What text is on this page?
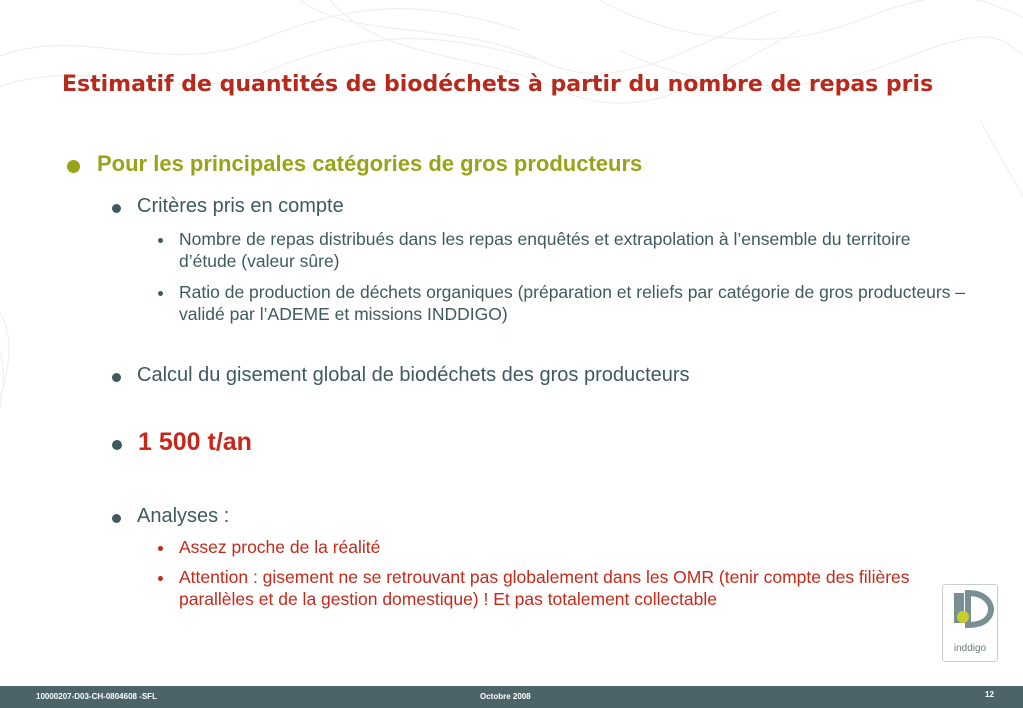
Estimatif de quantités de biodéchets à partir du nombre de repas pris
Pour les principales catégories de gros producteurs
Critères pris en compte
Nombre de repas distribués dans les repas enquêtés et extrapolation à l’ensemble du territoire d’étude (valeur sûre)
Ratio de production de déchets organiques (préparation et reliefs par catégorie de gros producteurs – validé par l’ADEME et missions INDDIGO)
Calcul du gisement global de biodéchets des gros producteurs
1 500 t/an
Analyses :
Assez proche de la réalité
Attention : gisement ne se retrouvant pas globalement dans les OMR (tenir compte des filières parallèles et de la gestion domestique) ! Et pas totalement collectable
inddigo
10000207-D03-CH-0804608 -SFL	Octobre 2008	12
